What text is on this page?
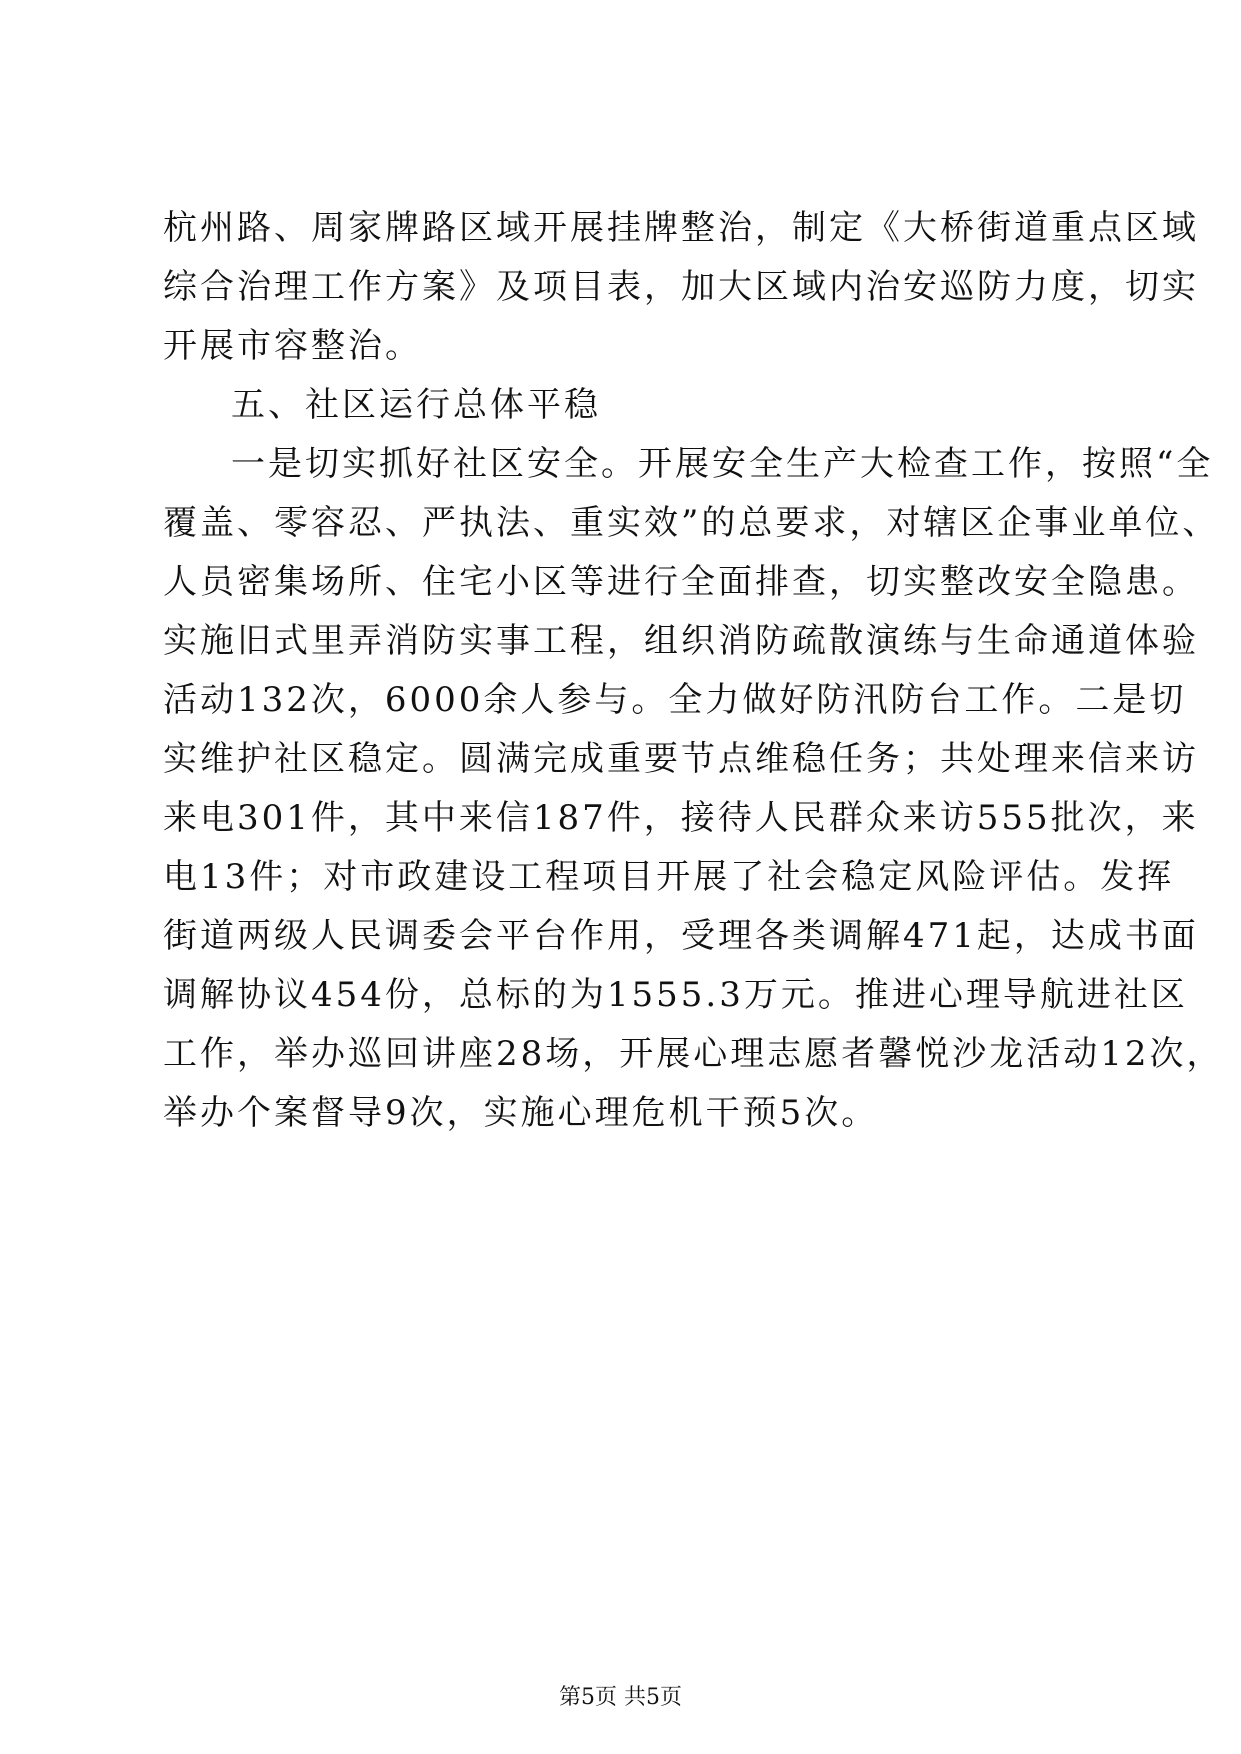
杭州路、周家牌路区域开展挂牌整治，制定《大桥街道重点区域
综合治理工作方案》及项目表，加大区域内治安巡防力度，切实
开展市容整治。
五、社区运行总体平稳
一是切实抓好社区安全。开展安全生产大检查工作，按照“全
覆盖、零容忍、严执法、重实效”的总要求，对辖区企事业单位、
人员密集场所、住宅小区等进行全面排查，切实整改安全隐患。
实施旧式里弄消防实事工程，组织消防疏散演练与生命通道体验
活动132次，6000余人参与。全力做好防汛防台工作。二是切
实维护社区稳定。圆满完成重要节点维稳任务；共处理来信来访
来电301件，其中来信187件，接待人民群众来访555批次，来
电13件；对市政建设工程项目开展了社会稳定风险评估。发挥
街道两级人民调委会平台作用，受理各类调解471起，达成书面
调解协议454份，总标的为1555.3万元。推进心理导航进社区
工作，举办巡回讲座28场，开展心理志愿者馨悦沙龙活动12次，
举办个案督导9次，实施心理危机干预5次。
第5页 共5页
